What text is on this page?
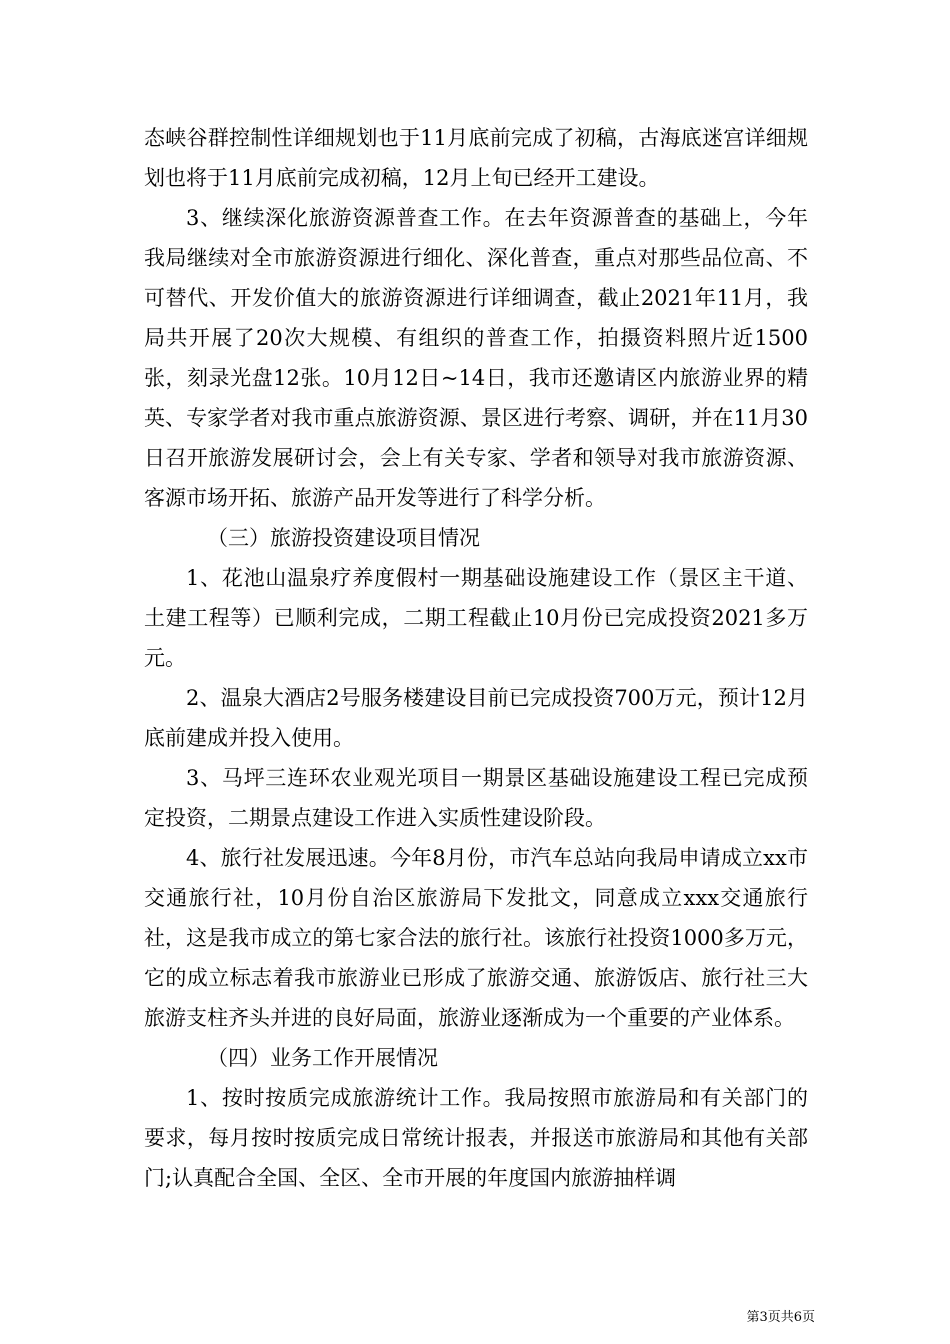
态峡谷群控制性详细规划也于11月底前完成了初稿，古海底迷宫详细规划也将于11月底前完成初稿，12月上旬已经开工建设。

3、继续深化旅游资源普查工作。在去年资源普查的基础上，今年我局继续对全市旅游资源进行细化、深化普查，重点对那些品位高、不可替代、开发价值大的旅游资源进行详细调查，截止2021年11月，我局共开展了20次大规模、有组织的普查工作，拍摄资料照片近1500张，刻录光盘12张。10月12日~14日，我市还邀请区内旅游业界的精英、专家学者对我市重点旅游资源、景区进行考察、调研，并在11月30日召开旅游发展研讨会，会上有关专家、学者和领导对我市旅游资源、客源市场开拓、旅游产品开发等进行了科学分析。

（三）旅游投资建设项目情况

1、花池山温泉疗养度假村一期基础设施建设工作（景区主干道、土建工程等）已顺利完成，二期工程截止10月份已完成投资2021多万元。

2、温泉大酒店2号服务楼建设目前已完成投资700万元，预计12月底前建成并投入使用。

3、马坪三连环农业观光项目一期景区基础设施建设工程已完成预定投资，二期景点建设工作进入实质性建设阶段。

4、旅行社发展迅速。今年8月份，市汽车总站向我局申请成立xx市交通旅行社，10月份自治区旅游局下发批文，同意成立xxx交通旅行社，这是我市成立的第七家合法的旅行社。该旅行社投资1000多万元，它的成立标志着我市旅游业已形成了旅游交通、旅游饭店、旅行社三大旅游支柱齐头并进的良好局面，旅游业逐渐成为一个重要的产业体系。

（四）业务工作开展情况

1、按时按质完成旅游统计工作。我局按照市旅游局和有关部门的要求，每月按时按质完成日常统计报表，并报送市旅游局和其他有关部门;认真配合全国、全区、全市开展的年度国内旅游抽样调

第3页共6页
